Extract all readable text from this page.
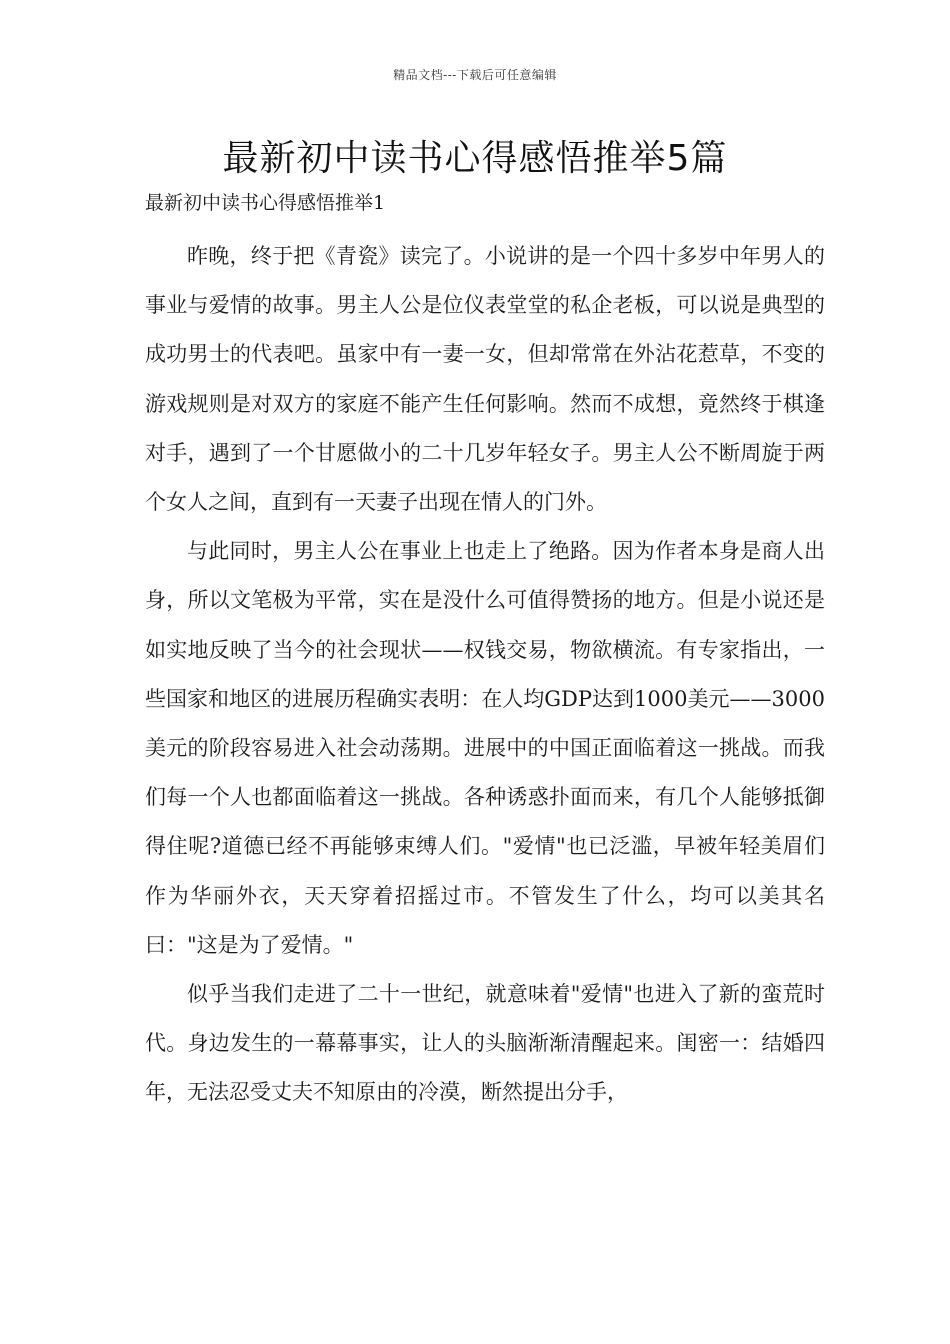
精品文档---下载后可任意编辑
最新初中读书心得感悟推举5篇
最新初中读书心得感悟推举1

昨晚，终于把《青瓷》读完了。小说讲的是一个四十多岁中年男人的事业与爱情的故事。男主人公是位仪表堂堂的私企老板，可以说是典型的成功男士的代表吧。虽家中有一妻一女，但却常常在外沾花惹草，不变的游戏规则是对双方的家庭不能产生任何影响。然而不成想，竟然终于棋逢对手，遇到了一个甘愿做小的二十几岁年轻女子。男主人公不断周旋于两个女人之间，直到有一天妻子出现在情人的门外。

与此同时，男主人公在事业上也走上了绝路。因为作者本身是商人出身，所以文笔极为平常，实在是没什么可值得赞扬的地方。但是小说还是如实地反映了当今的社会现状——权钱交易，物欲横流。有专家指出，一些国家和地区的进展历程确实表明：在人均GDP达到1000美元——3000美元的阶段容易进入社会动荡期。进展中的中国正面临着这一挑战。而我们每一个人也都面临着这一挑战。各种诱惑扑面而来，有几个人能够抵御得住呢?道德已经不再能够束缚人们。"爱情"也已泛滥，早被年轻美眉们作为华丽外衣，天天穿着招摇过市。不管发生了什么，均可以美其名曰："这是为了爱情。"

似乎当我们走进了二十一世纪，就意味着"爱情"也进入了新的蛮荒时代。身边发生的一幕幕事实，让人的头脑渐渐清醒起来。闺密一：结婚四年，无法忍受丈夫不知原由的冷漠，断然提出分手，
